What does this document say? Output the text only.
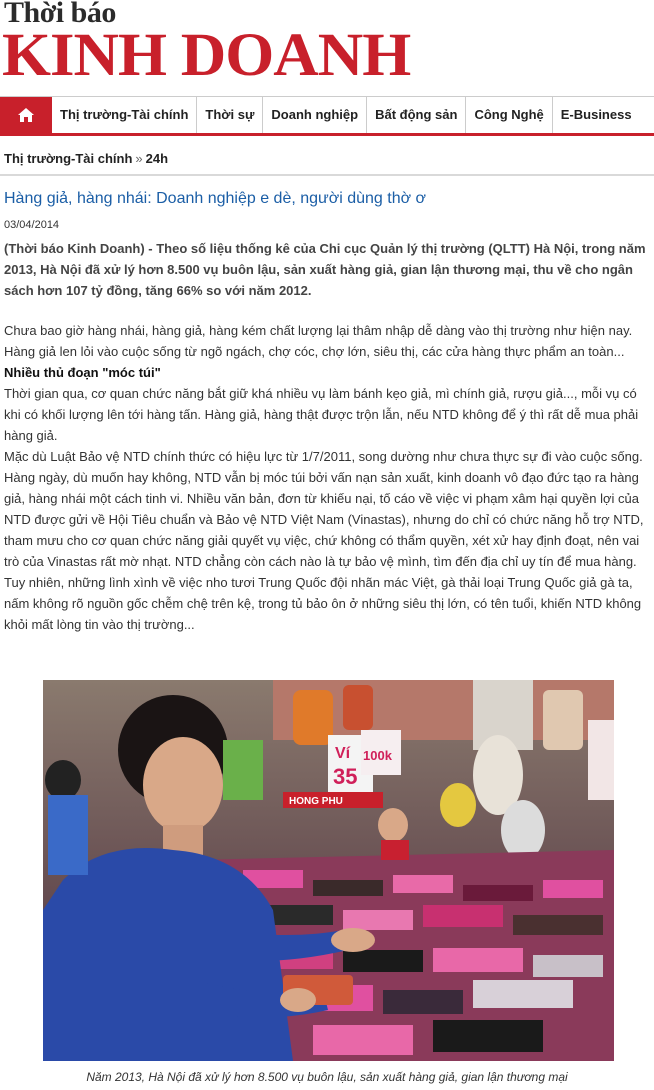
Thời báo
KINH DOANH
Thị trường-Tài chính	Thời sự	Doanh nghiệp	Bất động sản	Công Nghệ	E-Business
Thị trường-Tài chính » 24h
Hàng giả, hàng nhái: Doanh nghiệp e dè, người dùng thờ ơ
03/04/2014

(Thời báo Kinh Doanh) - Theo số liệu thống kê của Chi cục Quản lý thị trường (QLTT) Hà Nội, trong năm 2013, Hà Nội đã xử lý hơn 8.500 vụ buôn lậu, sản xuất hàng giả, gian lận thương mại, thu về cho ngân sách hơn 107 tỷ đồng, tăng 66% so với năm 2012.

Chưa bao giờ hàng nhái, hàng giả, hàng kém chất lượng lại thâm nhập dễ dàng vào thị trường như hiện nay. Hàng giả len lỏi vào cuộc sống từ ngõ ngách, chợ cóc, chợ lớn, siêu thị, các cửa hàng thực phẩm an toàn...

Nhiều thủ đoạn "móc túi"

Thời gian qua, cơ quan chức năng bắt giữ khá nhiều vụ làm bánh kẹo giả, mì chính giả, rượu giả..., mỗi vụ có khi có khối lượng lên tới hàng tấn. Hàng giả, hàng thật được trộn lẫn, nếu NTD không để ý thì rất dễ mua phải hàng giả.

Mặc dù Luật Bảo vệ NTD chính thức có hiệu lực từ 1/7/2011, song dường như chưa thực sự đi vào cuộc sống. Hàng ngày, dù muốn hay không, NTD vẫn bị móc túi bởi vấn nạn sản xuất, kinh doanh vô đạo đức tạo ra hàng giả, hàng nhái một cách tinh vi. Nhiều văn bản, đơn từ khiếu nại, tố cáo về việc vi phạm xâm hại quyền lợi của NTD được gửi về Hội Tiêu chuẩn và Bảo vệ NTD Việt Nam (Vinastas), nhưng do chỉ có chức năng hỗ trợ NTD, tham mưu cho cơ quan chức năng giải quyết vụ việc, chứ không có thẩm quyền, xét xử hay định đoạt, nên vai trò của Vinastas rất mờ nhạt. NTD chẳng còn cách nào là tự bảo vệ mình, tìm đến địa chỉ uy tín để mua hàng. Tuy nhiên, những lình xình về việc nho tươi Trung Quốc đội nhãn mác Việt, gà thải loại Trung Quốc giả gà ta, nấm không rõ nguồn gốc chễm chệ trên kệ, trong tủ bảo ôn ở những siêu thị lớn, có tên tuổi, khiến NTD không khỏi mất lòng tin vào thị trường...

Ví
35
100k
HONG PHU
Năm 2013, Hà Nội đã xử lý hơn 8.500 vụ buôn lậu, sản xuất hàng giả, gian lận thương mại
